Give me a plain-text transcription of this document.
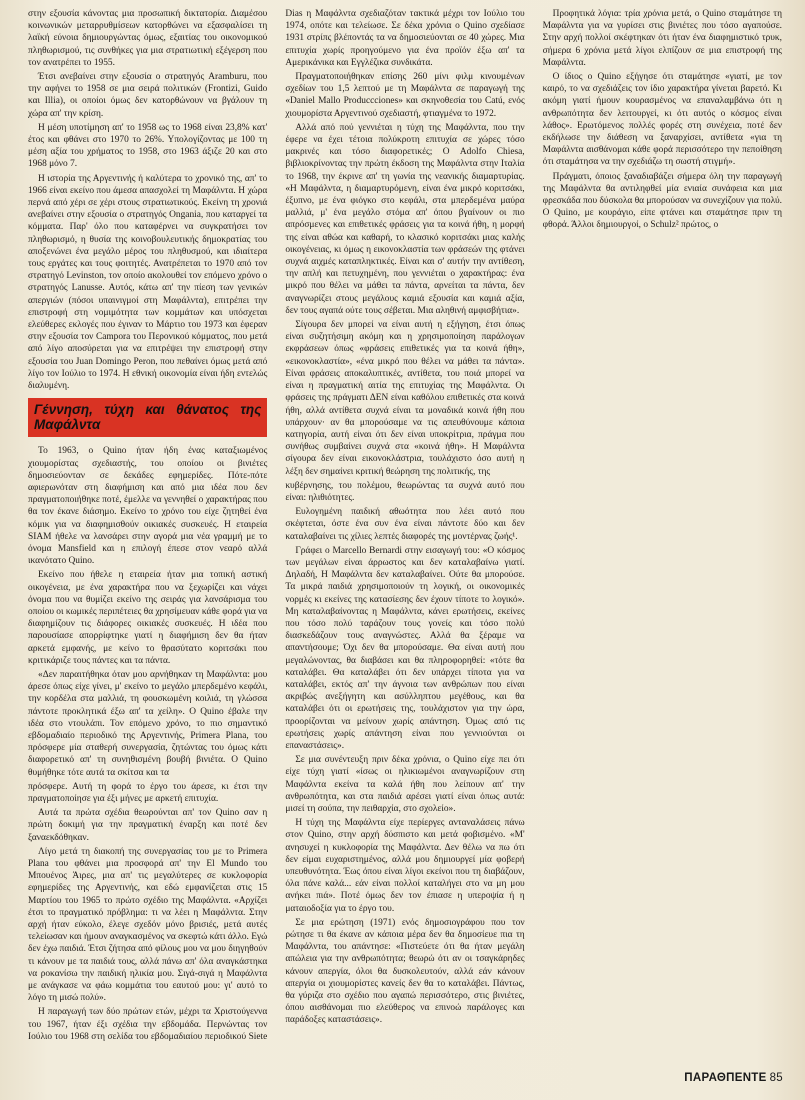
στην εξουσία κάνοντας μια προσωπική δικτατορία. Διαμέσου κοινωνικών μεταρρυθμίσεων κατορθώνει να εξασφαλίσει τη λαϊκή εύνοια δημιουργώντας όμως, εξαιτίας του οικονομικού πληθωρισμού, τις συνθήκες για μια στρατιωτική εξέγερση που τον ανατρέπει το 1955.

Έτσι ανεβαίνει στην εξουσία ο στρατηγός Aramburu, που την αφήνει το 1958 σε μια σειρά πολιτικών (Frontizi, Guido και Illia), οι οποίοι όμως δεν κατορθώνουν να βγάλουν τη χώρα απ' την κρίση.

Η μέση υποτίμηση απ' το 1958 ως το 1968 είναι 23,8% κατ' έτος και φθάνει στο 1970 το 26%. Υπολογίζοντας με 100 τη μέση αξία του χρήματος το 1958, στο 1963 άξιζε 20 και στο 1968 μόνο 7.

Η ιστορία της Αργεντινής ή καλύτερα το χρονικό της, απ' το 1966 είναι εκείνο που άμεσα απασχολεί τη Μαφάλντα. Η χώρα περνά από χέρι σε χέρι στους στρατιωτικούς. Εκείνη τη χρονιά ανεβαίνει στην εξουσία ο στρατηγός Ongania, που καταργεί τα κόμματα. Παρ' όλο που καταφέρνει να συγκρατήσει τον πληθωρισμό, η θυσία της κοινοβουλευτικής δημοκρατίας του αποξενώνει ένα μεγάλο μέρος του πληθυσμού, και ιδιαίτερα τους εργάτες και τους φοιτητές. Ανατρέπεται το 1970 από τον στρατηγό Levinston, τον οποίο ακολουθεί τον επόμενο χρόνο ο στρατηγός Lanusse. Αυτός, κάτω απ' την πίεση των γενικών απεργιών (πόσοι υπαινιγμοί στη Μαφάλντα), επιτρέπει την επιστροφή στη νομιμότητα των κομμάτων και υπόσχεται ελεύθερες εκλογές που έγιναν το Μάρτιο του 1973 και έφεραν στην εξουσία τον Campora του Περονικού κόμματος, που μετά από λίγο αποσύρεται για να επιτρέψει την επιστροφή στην εξουσία του Juan Domingo Peron, που πεθαίνει όμως μετά από λίγο τον Ιούλιο το 1974. Η εθνική οικονομία είναι ήδη εντελώς διαλυμένη.

Γέννηση, τύχη και θάνατος της Μαφάλντα

Το 1963, ο Quino ήταν ήδη ένας καταξιωμένος χιουμορίστας σχεδιαστής, του οποίου οι βινιέτες δημοσιεύονταν σε δεκάδες εφημερίδες. Πότε-πότε αφιερωνόταν στη διαφήμιση και από μια ιδέα που δεν πραγματοποιήθηκε ποτέ, έμελλε να γεννηθεί ο χαρακτήρας που θα τον έκανε διάσημο. Εκείνο το χρόνο του είχε ζητηθεί ένα κόμικ για να διαφημισθούν οικιακές συσκευές. Η εταιρεία SIAM ήθελε να λανσάρει στην αγορά μια νέα γραμμή με το όνομα Mansfield και η επιλογή έπεσε στον νεαρό αλλά ικανότατο Quino.

Εκείνο που ήθελε η εταιρεία ήταν μια τοπική αστική οικογένεια, με ένα χαρακτήρα που να ξεχωρίζει και νάχει όνομα που να θυμίζει εκείνο της σειράς για λανσάρισμα του οποίου οι κωμικές περιπέτειες θα χρησίμευαν κάθε φορά για να διαφημίζουν τις διάφορες οικιακές συσκευές. Η ιδέα που παρουσίασε απορρίφτηκε γιατί η διαφήμιση δεν θα ήταν αρκετά εμφανής, με κείνο το θρασύτατο κοριτσάκι που κριτικάριζε τους πάντες και τα πάντα.

«Δεν παραιτήθηκα όταν μου αρνήθηκαν τη Μαφάλντα: μου άρεσε όπως είχε γίνει, μ' εκείνο το μεγάλο μπερδεμένο κεφάλι, την κορδέλα στα μαλλιά, τη φουσκωμένη κοιλιά, τη γλώσσα πάντοτε προκλητικά έξω απ' τα χείλη». Ο Quino έβαλε την ιδέα στο ντουλάπι. Τον επόμενο χρόνο, το πιο σημαντικό εβδομαδιαίο περιοδικό της Αργεντινής, Primera Plana, του πρόσφερε μία σταθερή συνεργασία, ζητώντας του όμως κάτι διαφορετικό απ' τη συνηθισμένη βουβή βινιέτα. Ο Quino θυμήθηκε τότε αυτά τα σκίτσα και τα

πρόσφερε. Αυτή τη φορά το έργο του άρεσε, κι έτσι την πραγματοποίησε για έξι μήνες με αρκετή επιτυχία.

Αυτά τα πρώτα σχέδια θεωρούνται απ' τον Quino σαν η πρώτη δοκιμή για την πραγματική έναρξη και ποτέ δεν ξαναεκδόθηκαν.

Λίγο μετά τη διακοπή της συνεργασίας του με το Primera Plana του φθάνει μια προσφορά απ' την El Mundo του Μπουένος Άιρες, μια απ' τις μεγαλύτερες σε κυκλοφορία εφημερίδες της Αργεντινής, και εδώ εμφανίζεται στις 15 Μαρτίου του 1965 το πρώτο σχέδιο της Μαφάλντα. «Αρχίζει έτσι το πραγματικό πρόβλημα: τι να λέει η Μαφάλντα. Στην αρχή ήταν εύκολο, έλεγε σχεδόν μόνο βρισιές, μετά αυτές τελείωσαν και ήμουν αναγκασμένος να σκεφτώ κάτι άλλο. Εγώ δεν έχω παιδιά. Έτσι ζήτησα από φίλους μου να μου διηγηθούν τι κάνουν με τα παιδιά τους, αλλά πάνω απ' όλα αναγκάστηκα να ροκανίσω την παιδική ηλικία μου. Σιγά-σιγά η Μαφάλντα με ανάγκασε να φάω κομμάτια του εαυτού μου: γι' αυτό το λόγο τη μισώ πολύ».

Η παραγωγή των δύο πρώτων ετών, μέχρι τα Χριστούγεννα του 1967, ήταν έξι σχέδια την εβδομάδα. Περνώντας τον Ιούλιο του 1968 στη σελίδα του εβδομαδιαίου περιοδικού Siete Dias η Μαφάλντα σχεδιαζόταν τακτικά μέχρι τον Ιούλιο του 1974, οπότε και τελείωσε. Σε δέκα χρόνια ο Quino σχεδίασε 1931 στρίπς βλέποντάς τα να δημοσιεύονται σε 40 χώρες. Μια επιτυχία χωρίς προηγούμενο για ένα προϊόν έξω απ' τα Αμερικάνικα και Εγγλέζικα συνδικάτα.

Πραγματοποιήθηκαν επίσης 260 μίνι φιλμ κινουμένων σχεδίων του 1,5 λεπτού με τη Μαφάλντα σε παραγωγή της «Daniel Mallo Produccciones» και σκηνοθεσία του Catú, ενός χιουμορίστα Αργεντινού σχεδιαστή, φτιαγμένα το 1972.

Αλλά από πού γεννιέται η τύχη της Μαφάλντα, που την έφερε να έχει τέτοια πολύκροτη επιτυχία σε χώρες τόσο μακρινές και τόσο διαφορετικές; Ο Adolfo Chiesa, βιβλιοκρίνοντας την πρώτη έκδοση της Μαφάλντα στην Ιταλία το 1968, την έκρινε απ' τη γωνία της νεανικής διαμαρτυρίας. «Η Μαφάλντα, η διαμαρτυρόμενη, είναι ένα μικρό κοριτσάκι, έξυπνο, με ένα φιόγκο στο κεφάλι, στα μπερδεμένα μαύρα μαλλιά, μ' ένα μεγάλο στόμα απ' όπου βγαίνουν οι πιο απρόσμενες και επιθετικές φράσεις για τα κοινά ήθη, η μορφή της είναι αθώα και καθαρή, το κλασικό κοριτσάκι μιας καλής οικογένειας, κι όμως η εικονοκλαστία των φράσεών της φτάνει συχνά αιχμές καταπληκτικές. Είναι και σ' αυτήν την αντίθεση, την απλή και πετυχημένη, που γεννιέται ο χαρακτήρας: ένα μικρό που θέλει να μάθει τα πάντα, αρνείται τα πάντα, δεν αναγνωρίζει στους μεγάλους καμιά εξουσία και καμιά αξία, δεν τους αγαπά ούτε τους σέβεται. Μια αληθινή αμφισβήτια».

Σίγουρα δεν μπορεί να είναι αυτή η εξήγηση, έτσι όπως είναι συζητήσιμη ακόμη και η χρησιμοποίηση παράλογων εκφράσεων όπως «φράσεις επιθετικές για τα κοινά ήθη», «εικονοκλαστία», «ένα μικρό που θέλει να μάθει τα πάντα». Είναι φράσεις αποκαλυπτικές, αντίθετα, του ποιά μπορεί να είναι η πραγματική αιτία της επιτυχίας της Μαφάλντα. Οι φράσεις της πράγματι ΔΕΝ είναι καθόλου επιθετικές στα κοινά ήθη, αλλά αντίθετα συχνά είναι τα μοναδικά κοινά ήθη που υπάρχουν· αν θα μπορούσαμε να τις απευθύνουμε κάποια κατηγορία, αυτή είναι ότι δεν είναι υποκρίτρια, πράγμα που συνήθως συμβαίνει συχνά στα «κοινά ήθη». Η Μαφάλντα σίγουρα δεν είναι εικονοκλάστρια, τουλάχιστο όσο αυτή η λέξη δεν σημαίνει κριτική θεώρηση της πολιτικής, της

κυβέρνησης, του πολέμου, θεωρώντας τα συχνά αυτό που είναι: ηλιθιότητες.

Ευλογημένη παιδική αθωότητα που λέει αυτό που σκέφτεται, όστε ένα συν ένα είναι πάντοτε δύο και δεν καταλαβαίνει τις χίλιες λεπτές διαφορές της μοντέρνας ζωής¹.

Γράφει ο Marcello Bernardi στην εισαγωγή του: «Ο κόσμος των μεγάλων είναι άρρωστος και δεν καταλαβαίνω γιατί. Δηλαδή, Η Μαφάλντα δεν καταλαβαίνει. Ούτε θα μπορούσε. Τα μικρά παιδιά χρησιμοποιούν τη λογική, οι οικονομικές νορμές κι εκείνες της κατασίεσης δεν έχουν τίποτε το λογικό». Μη καταλαβαίνοντας η Μαφάλντα, κάνει ερωτήσεις, εκείνες που τόσο πολύ ταράζουν τους γονείς και τόσο πολύ διασκεδάζουν τους αναγνώστες. Αλλά θα ξέραμε να απαντήσουμε; Όχι δεν θα μπορούσαμε. Θα είναι αυτή που μεγαλώνοντας, θα διαβάσει και θα πληροφορηθεί: «τότε θα καταλάβει. Θα καταλάβει ότι δεν υπάρχει τίποτα για να καταλάβει, εκτός απ' την άγνοια των ανθρώπων που είναι ακριβώς ανεξήγητη και ασύλληπτου μεγέθους, και θα καταλάβει ότι οι ερωτήσεις της, τουλάχιστον για την ώρα, προορίζονται να μείνουν χωρίς απάντηση. Όμως από τις ερωτήσεις χωρίς απάντηση είναι που γεννιούνται οι επαναστάσεις».

Σε μια συνέντευξη πριν δέκα χρόνια, ο Quino είχε πει ότι είχε τύχη γιατί «ίσως οι ηλικιωμένοι αναγνωρίζουν στη Μαφάλντα εκείνα τα καλά ήθη που λείπουν απ' την ανθρωπότητα, και στα παιδιά αρέσει γιατί είναι όπως αυτά: μισεί τη σούπα, την πειθαρχία, στο σχολείο».

Η τύχη της Μαφάλντα είχε περίεργες ανταναλάσεις πάνω στον Quino, στην αρχή δύσπιστο και μετά φοβισμένο. «Μ' ανησυχεί η κυκλοφορία της Μαφάλντα. Δεν θέλω να πω ότι δεν είμαι ευχαριστημένος, αλλά μου δημιουργεί μία φοβερή υπευθυνότητα. Έως όπου είναι λίγοι εκείνοι που τη διαβάζουν, όλα πάνε καλά... εάν είναι πολλοί καταλήγει στο να μη μου ανήκει πιά». Ποτέ όμως δεν τον έπιασε η υπεροψία ή η ματαιοδοξία για το έργο του.

Σε μια ερώτηση (1971) ενός δημοσιογράφου που τον ρώτησε τι θα έκανε αν κάποια μέρα δεν θα δημοσίευε πια τη Μαφάλντα, του απάντησε: «Πιστεύετε ότι θα ήταν μεγάλη απώλεια για την ανθρωπότητα; θεωρώ ότι αν οι τσαγκάρηδες κάνουν απεργία, όλοι θα δυσκολευτούν, αλλά εάν κάνουν απεργία οι χιουμορίστες κανείς δεν θα το καταλάβει. Πάντως, θα γύριζα στο σχέδιο που αγαπώ περισσότερο, στις βινιέτες, όπου αισθάνομαι πιο ελεύθερος να επινοώ παράλογες και παράδοξες καταστάσεις».

Προφητικά λόγια: τρία χρόνια μετά, ο Quino σταμάτησε τη Μαφάλντα για να γυρίσει στις βινιέτες που τόσο αγαπούσε. Στην αρχή πολλοί σκέφτηκαν ότι ήταν ένα διαφημιστικό τρυκ, σήμερα 6 χρόνια μετά λίγοι ελπίζουν σε μια επιστροφή της Μαφάλντα.

Ο ίδιος ο Quino εξήγησε ότι σταμάτησε «γιατί, με τον καιρό, το να σχεδιάζεις τον ίδιο χαρακτήρα γίνεται βαρετό. Κι ακόμη γιατί ήμουν κουρασμένος να επαναλαμβάνω ότι η ανθρωπότητα δεν λειτουργεί, κι ότι αυτός ο κόσμος είναι λάθος». Ερωτόμενος πολλές φορές στη συνέχεια, ποτέ δεν εκδήλωσε την διάθεση να ξαναρχίσει, αντίθετα «για τη Μαφάλντα αισθάνομαι κάθε φορά περισσότερο την πεποίθηση ότι σταμάτησα να την σχεδιάζω τη σωστή στιγμή».

Πράγματι, όποιος ξαναδιαβάζει σήμερα όλη την παραγωγή της Μαφάλντα θα αντιληφθεί μία ενιαία συνάφεια και μια φρεσκάδα που δύσκολα θα μπορούσαν να συνεχίζουν για πολύ. Ο Quino, με κουράγιο, είπε φτάνει και σταμάτησε πριν τη φθορά. Άλλοι δημιουργοί, ο Schulz² πρώτος, ο

ΠΑΡΑΘΠΕΝΤΕ 85
